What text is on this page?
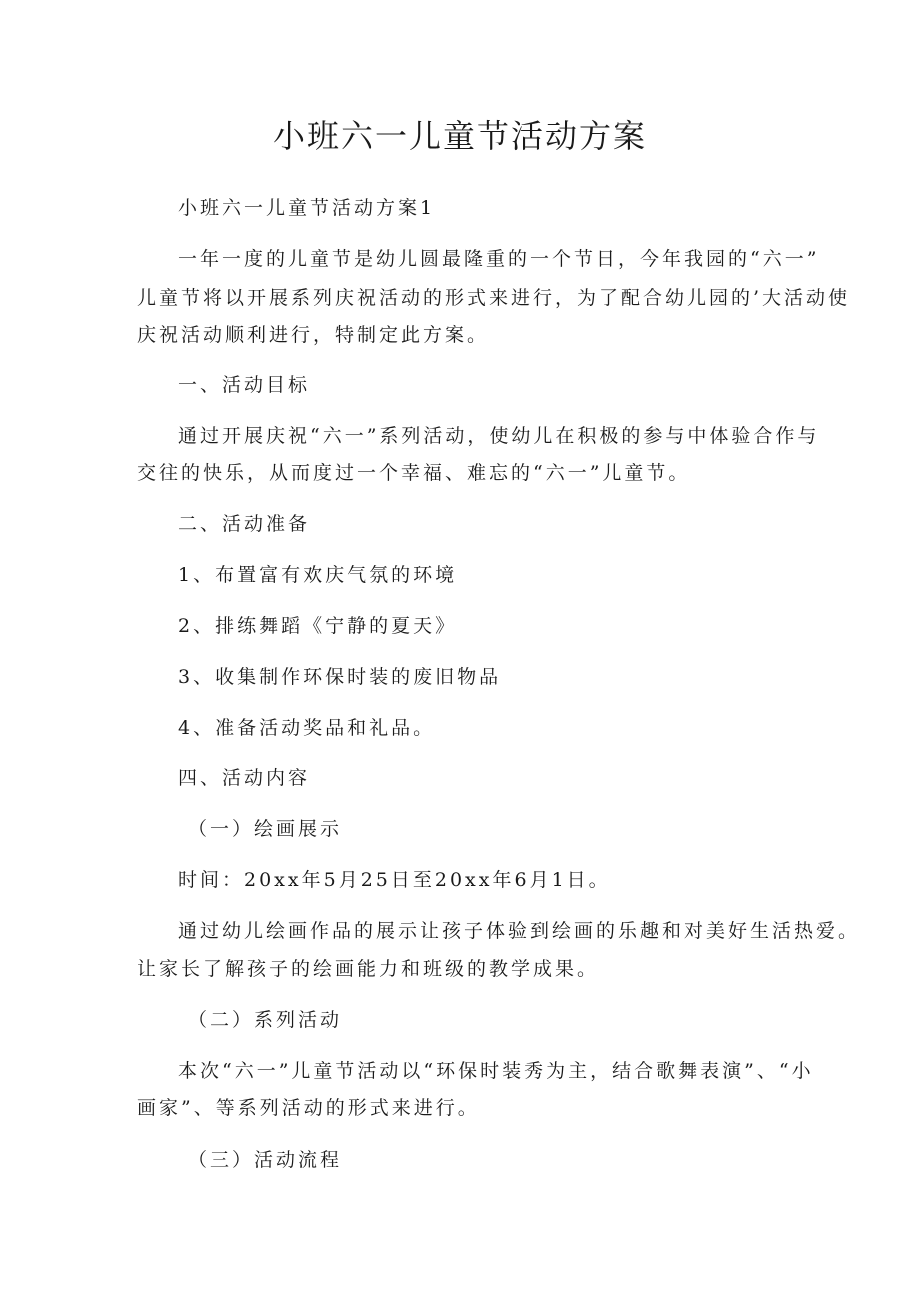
小班六一儿童节活动方案
小班六一儿童节活动方案1
一年一度的儿童节是幼儿圆最隆重的一个节日，今年我园的“六一”
儿童节将以开展系列庆祝活动的形式来进行，为了配合幼儿园的’大活动使
庆祝活动顺利进行，特制定此方案。
一、活动目标
通过开展庆祝“六一”系列活动，使幼儿在积极的参与中体验合作与
交往的快乐，从而度过一个幸福、难忘的“六一”儿童节。
二、活动准备
1、布置富有欢庆气氛的环境
2、排练舞蹈《宁静的夏天》
3、收集制作环保时装的废旧物品
4、准备活动奖品和礼品。
四、活动内容
（一）绘画展示
时间：20xx年5月25日至20xx年6月1日。
通过幼儿绘画作品的展示让孩子体验到绘画的乐趣和对美好生活热爱。
让家长了解孩子的绘画能力和班级的教学成果。
（二）系列活动
本次“六一”儿童节活动以“环保时装秀为主，结合歌舞表演”、“小
画家”、等系列活动的形式来进行。
（三）活动流程
